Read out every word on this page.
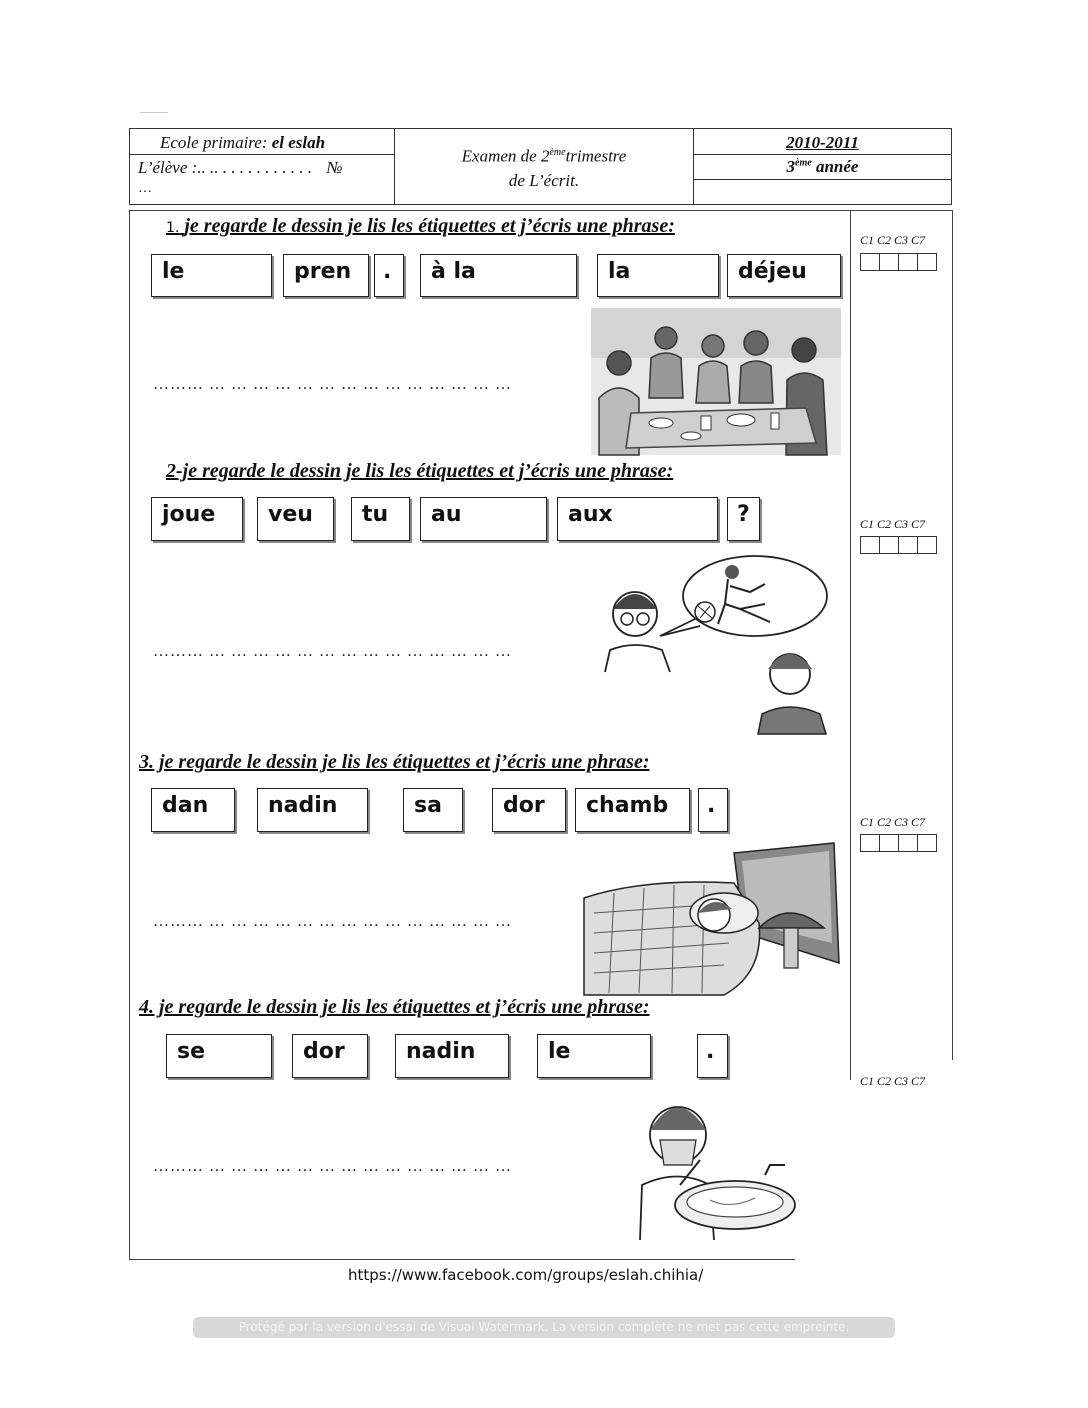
Ecole primaire: el eslah
L’élève :.. .. . . . . . . . . . . . №
…
Examen de 2èmetrimestre
de L’écrit.
2010-2011
3ème année
1. je regarde le dessin je lis les étiquettes et j’écris une phrase:
le	pren	.	à la	la	déjeu
……… … … … … … … … … … … … … … …
C1 C2 C3 C7
2-je regarde le dessin je lis les étiquettes et j’écris une phrase:
joue	veu	tu	au	aux	?
……… … … … … … … … … … … … … … …
C1 C2 C3 C7
3. je regarde le dessin je lis les étiquettes et j’écris une phrase:
dan	nadin	sa	dor	chamb	.
……… … … … … … … … … … … … … … …
C1 C2 C3 C7
4. je regarde le dessin je lis les étiquettes et j’écris une phrase:
se	dor	nadin	le	.
……… … … … … … … … … … … … … … …
https://www.facebook.com/groups/eslah.chihia/
Protégé par la version d'essai de Visual Watermark. La version complète ne met pas cette empreinte.
